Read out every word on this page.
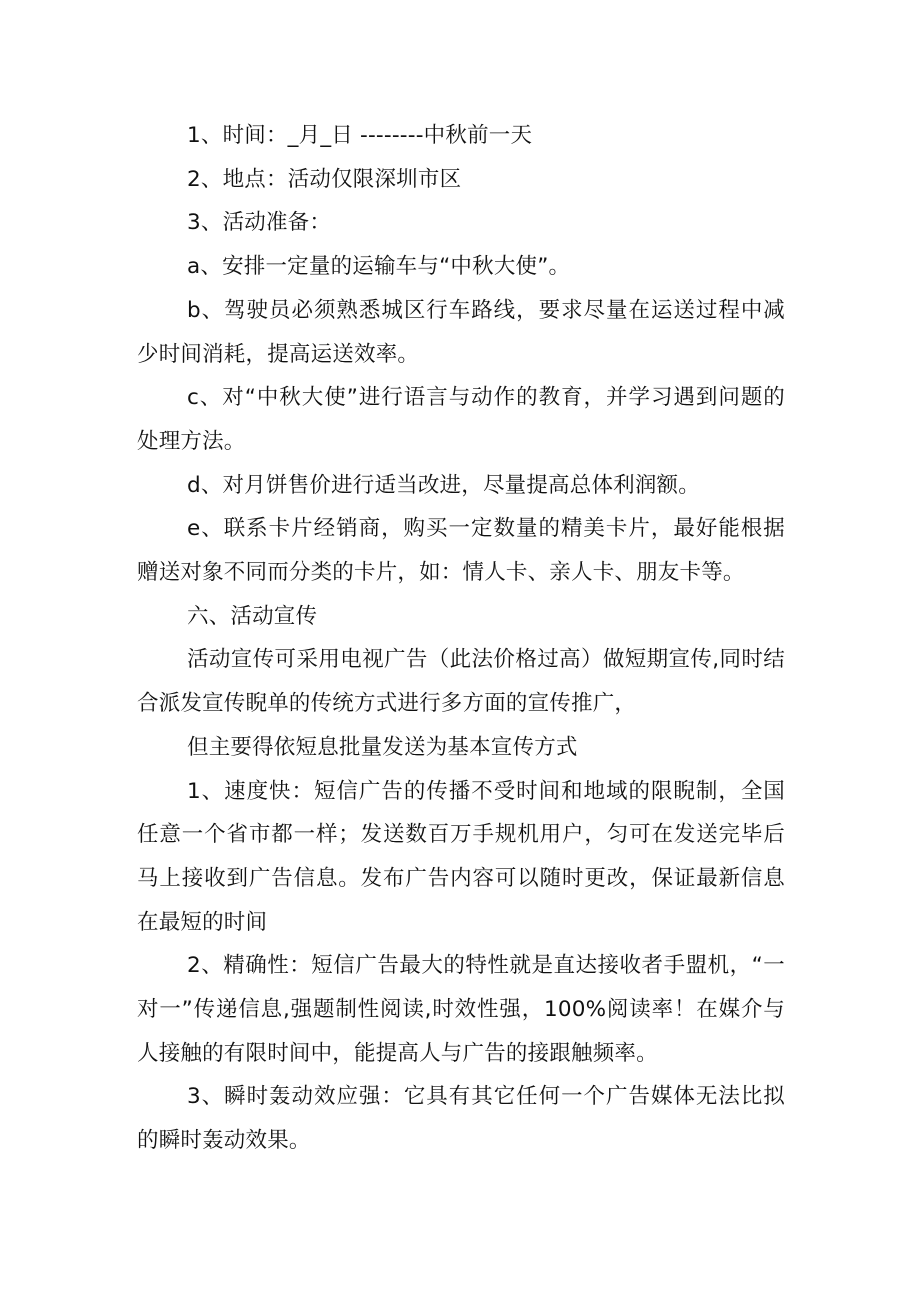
1、时间：_月_日 --------中秋前一天

2、地点：活动仅限深圳市区

3、活动准备：

a、安排一定量的运输车与“中秋大使”。

b、驾驶员必须熟悉城区行车路线，要求尽量在运送过程中减少时间消耗，提高运送效率。

c、对“中秋大使”进行语言与动作的教育，并学习遇到问题的处理方法。

d、对月饼售价进行适当改进，尽量提高总体利润额。

e、联系卡片经销商，购买一定数量的精美卡片，最好能根据赠送对象不同而分类的卡片，如：情人卡、亲人卡、朋友卡等。

六、活动宣传

活动宣传可采用电视广告（此法价格过高）做短期宣传,同时结合派发宣传睨单的传统方式进行多方面的宣传推广，

但主要得依短息批量发送为基本宣传方式

1、速度快：短信广告的传播不受时间和地域的限睨制，全国任意一个省市都一样；发送数百万手规机用户，匀可在发送完毕后马上接收到广告信息。发布广告内容可以随时更改，保证最新信息在最短的时间

2、精确性：短信广告最大的特性就是直达接收者手盟机，“一对一”传递信息,强题制性阅读,时效性强，100%阅读率！在媒介与人接触的有限时间中，能提高人与广告的接跟触频率。

3、瞬时轰动效应强：它具有其它任何一个广告媒体无法比拟的瞬时轰动效果。
